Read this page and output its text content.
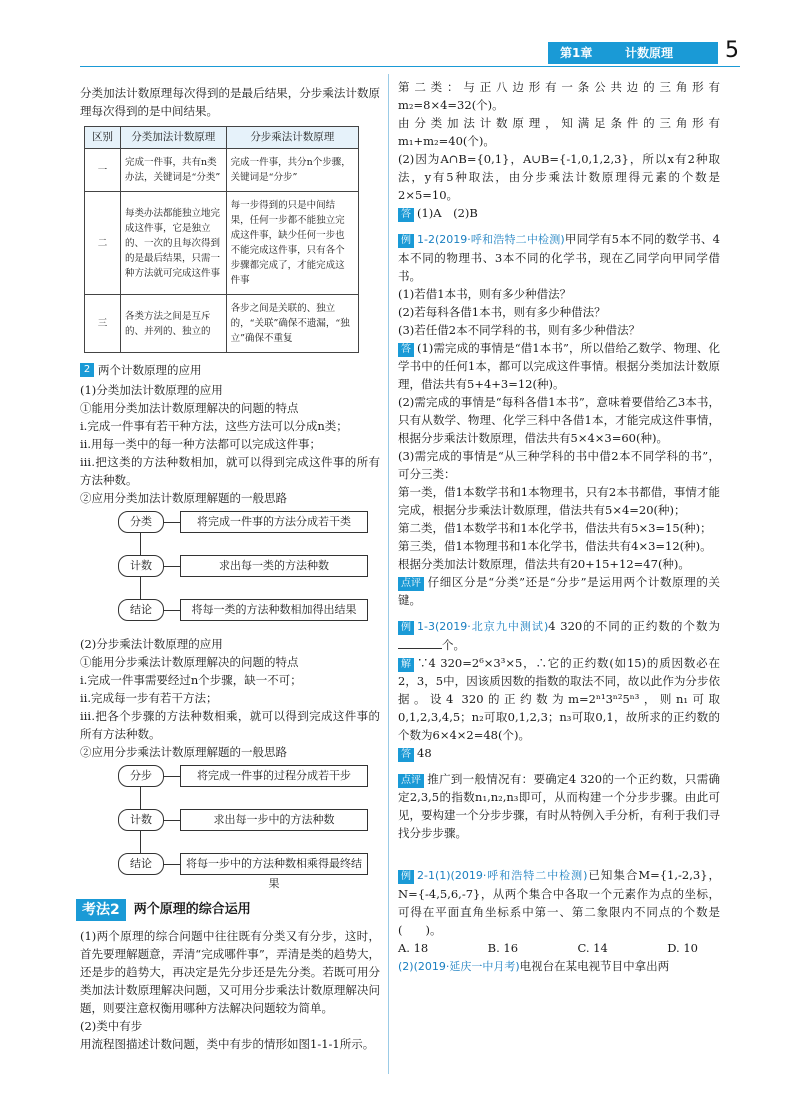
第1章	计数原理 5

分类加法计数原理每次得到的是最后结果，分步乘法计数原理每次得到的是中间结果。

区别	分类加法计数原理	分步乘法计数原理
一	完成一件事，共有n类办法，关键词是“分类”	完成一件事，共分n个步骤，关键词是“分步”
二	每类办法都能独立地完成这件事，它是独立的、一次的且每次得到的是最后结果，只需一种方法就可完成这件事	每一步得到的只是中间结果，任何一步都不能独立完成这件事，缺少任何一步也不能完成这件事，只有各个步骤都完成了，才能完成这件事
三	各类方法之间是互斥的、并列的、独立的	各步之间是关联的、独立的，“关联”确保不遗漏，“独立”确保不重复
2 两个计数原理的应用

(1)分类加法计数原理的应用

①能用分类加法计数原理解决的问题的特点

ⅰ.完成一件事有若干种方法，这些方法可以分成n类；

ⅱ.用每一类中的每一种方法都可以完成这件事；

ⅲ.把这类的方法种数相加，就可以得到完成这件事的所有方法种数。

②应用分类加法计数原理解题的一般思路

分类	将完成一件事的方法分成若干类
计数	求出每一类的方法种数
结论	将每一类的方法种数相加得出结果

(2)分步乘法计数原理的应用

①能用分步乘法计数原理解决的问题的特点

ⅰ.完成一件事需要经过n个步骤，缺一不可；

ⅱ.完成每一步有若干方法；

ⅲ.把各个步骤的方法种数相乘，就可以得到完成这件事的所有方法种数。

②应用分步乘法计数原理解题的一般思路

分步	将完成一件事的过程分成若干步
计数	求出每一步中的方法种数
结论	将每一步中的方法种数相乘得最终结果
考法2	两个原理的综合运用

(1)两个原理的综合问题中往往既有分类又有分步，这时，首先要理解题意，弄清“完成哪件事”，弄清是类的趋势大，还是步的趋势大，再决定是先分步还是先分类。若既可用分类加法计数原理解决问题，又可用分步乘法计数原理解决问题，则要注意权衡用哪种方法解决问题较为简单。

(2)类中有步

用流程图描述计数问题，类中有步的情形如图1-1-1所示。

第二类：与正八边形有一条公共边的三角形有m₂=8×4=32(个)。

由分类加法计数原理，知满足条件的三角形有m₁+m₂=40(个)。

(2)因为A∩B={0,1}，A∪B={-1,0,1,2,3}，所以x有2种取法，y有5种取法，由分步乘法计数原理得元素的个数是2×5=10。

答 (1)A　(2)B

例 1-2(2019·呼和浩特二中检测)甲同学有5本不同的数学书、4本不同的物理书、3本不同的化学书，现在乙同学向甲同学借书。

(1)若借1本书，则有多少种借法？

(2)若每科各借1本书，则有多少种借法？

(3)若任借2本不同学科的书，则有多少种借法？

答 (1)需完成的事情是“借1本书”，所以借给乙数学、物理、化学书中的任何1本，都可以完成这件事情。根据分类加法计数原理，借法共有5+4+3=12(种)。

(2)需完成的事情是“每科各借1本书”，意味着要借给乙3本书，只有从数学、物理、化学三科中各借1本，才能完成这件事情，根据分步乘法计数原理，借法共有5×4×3=60(种)。

(3)需完成的事情是“从三种学科的书中借2本不同学科的书”，可分三类：

第一类，借1本数学书和1本物理书，只有2本书都借，事情才能完成，根据分步乘法计数原理，借法共有5×4=20(种)；

第二类，借1本数学书和1本化学书，借法共有5×3=15(种)；

第三类，借1本物理书和1本化学书，借法共有4×3=12(种)。

根据分类加法计数原理，借法共有20+15+12=47(种)。

点评 仔细区分是“分类”还是“分步”是运用两个计数原理的关键。

例 1-3(2019·北京九中测试)4 320的不同的正约数的个数为个。

解 ∵4 320=2⁶×3³×5，∴它的正约数(如15)的质因数必在2，3，5中，因该质因数的指数的取法不同，故以此作为分步依据。设4 320的正约数为m=2ⁿ¹3ⁿ²5ⁿ³，则n₁可取0,1,2,3,4,5；n₂可取0,1,2,3；n₃可取0,1，故所求的正约数的个数为6×4×2=48(个)。

答 48

点评 推广到一般情况有：要确定4 320的一个正约数，只需确定2,3,5的指数n₁,n₂,n₃即可，从而构建一个分步步骤。由此可见，要构建一个分步步骤，有时从特例入手分析，有利于我们寻找分步步骤。

例 2-1(1)(2019·呼和浩特二中检测)已知集合M={1,-2,3}，N={-4,5,6,-7}，从两个集合中各取一个元素作为点的坐标，可得在平面直角坐标系中第一、第二象限内不同点的个数是(　　)。

A. 18	B. 16	C. 14	D. 10

(2)(2019·延庆一中月考)电视台在某电视节目中拿出两
